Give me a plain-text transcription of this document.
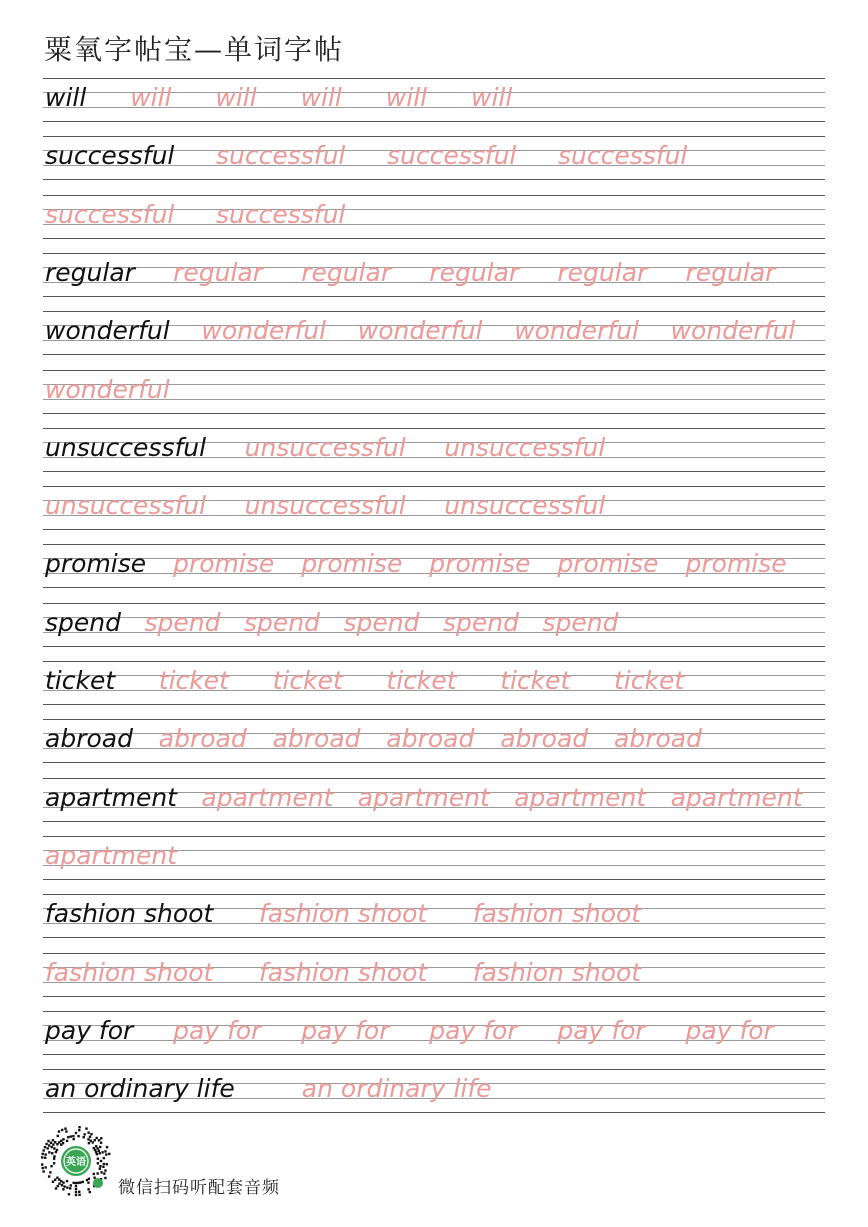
粟氧字帖宝—单词字帖
will will will will will will
successful successful successful successful
successful successful
regular regular regular regular regular regular
wonderful wonderful wonderful wonderful wonderful
wonderful
unsuccessful unsuccessful unsuccessful
unsuccessful unsuccessful unsuccessful
promise promise promise promise promise promise
spend spend spend spend spend spend
ticket ticket ticket ticket ticket ticket
abroad abroad abroad abroad abroad abroad
apartment apartment apartment apartment apartment
apartment
fashion shoot fashion shoot fashion shoot
fashion shoot fashion shoot fashion shoot
pay for pay for pay for pay for pay for pay for
an ordinary life	an ordinary life
英语
微信扫码听配套音频
